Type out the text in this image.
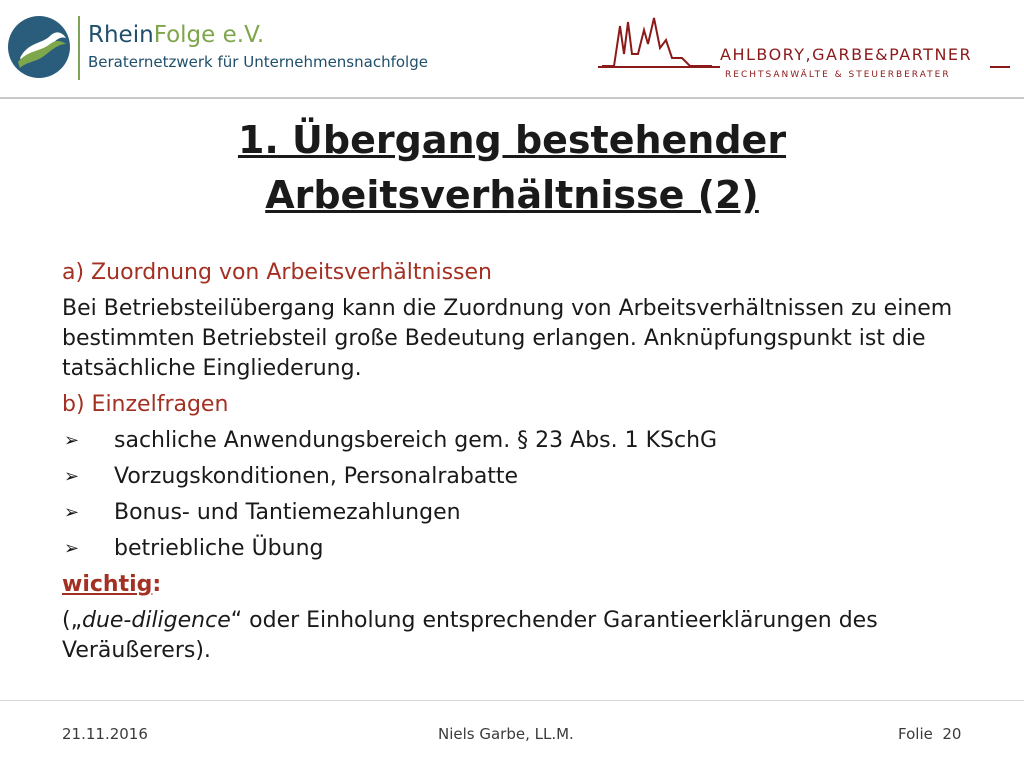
RheinFolge e.V.
Beraternetzwerk für Unternehmensnachfolge	AHLBORY,GARBE&PARTNER
RECHTSANWÄLTE & STEUERBERATER
1. Übergang bestehender
Arbeitsverhältnisse (2)
a) Zuordnung von Arbeitsverhältnissen
Bei Betriebsteilübergang kann die Zuordnung von Arbeitsverhältnissen zu einem bestimmten Betriebsteil große Bedeutung erlangen. Anknüpfungspunkt ist die tatsächliche Eingliederung.
b) Einzelfragen
➢	sachliche Anwendungsbereich gem. § 23 Abs. 1 KSchG
➢	Vorzugskonditionen, Personalrabatte
➢	Bonus- und Tantiemezahlungen
➢	betriebliche Übung
wichtig:
(„due-diligence“ oder Einholung entsprechender Garantieerklärungen des Veräußerers).
21.11.2016	Niels Garbe, LL.M.	Folie 20
